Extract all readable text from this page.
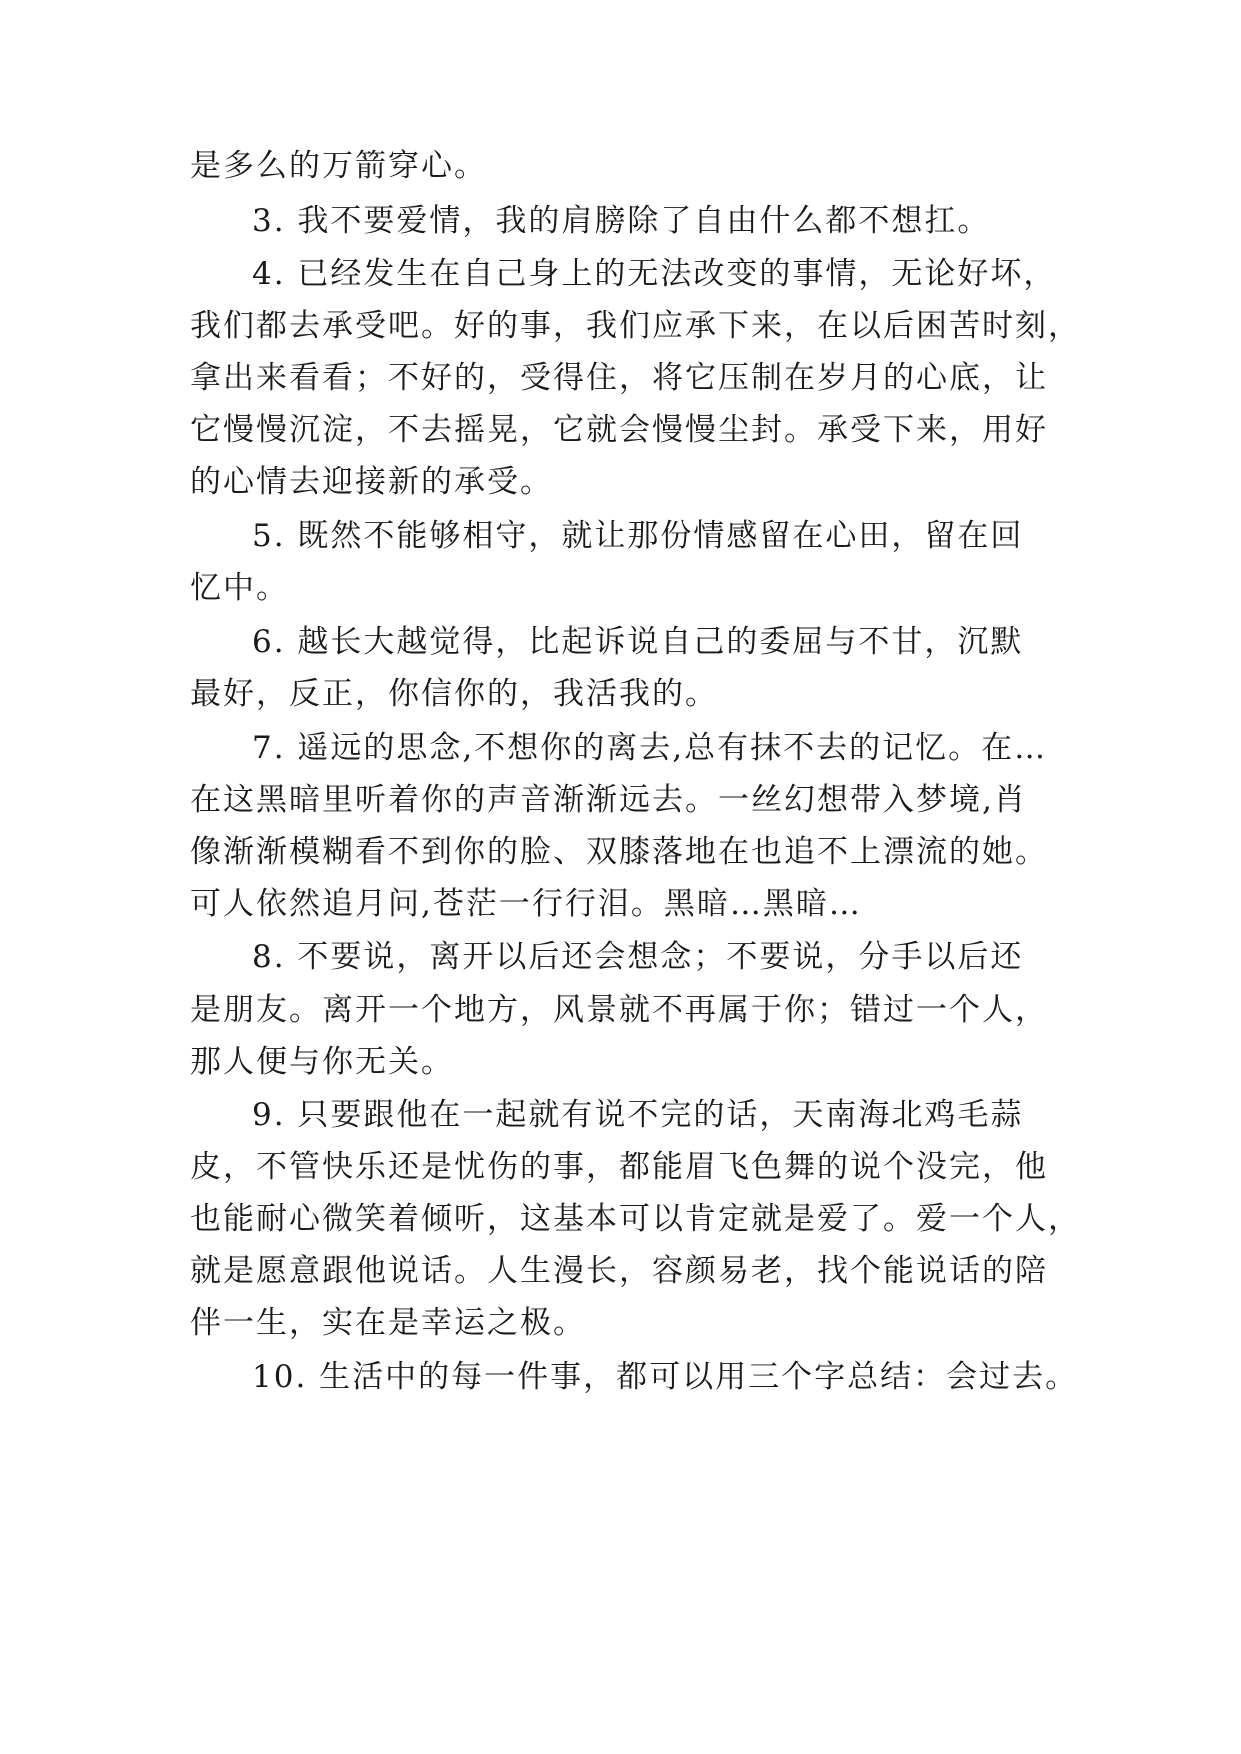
是多么的万箭穿心。
3. 我不要爱情，我的肩膀除了自由什么都不想扛。
4. 已经发生在自己身上的无法改变的事情，无论好坏，
我们都去承受吧。好的事，我们应承下来，在以后困苦时刻，
拿出来看看；不好的，受得住，将它压制在岁月的心底，让
它慢慢沉淀，不去摇晃，它就会慢慢尘封。承受下来，用好
的心情去迎接新的承受。
5. 既然不能够相守，就让那份情感留在心田，留在回
忆中。
6. 越长大越觉得，比起诉说自己的委屈与不甘，沉默
最好，反正，你信你的，我活我的。
7. 遥远的思念,不想你的离去,总有抹不去的记忆。在…
在这黑暗里听着你的声音渐渐远去。一丝幻想带入梦境,肖
像渐渐模糊看不到你的脸、双膝落地在也追不上漂流的她。
可人依然追月问,苍茫一行行泪。黑暗…黑暗…
8. 不要说，离开以后还会想念；不要说，分手以后还
是朋友。离开一个地方，风景就不再属于你；错过一个人，
那人便与你无关。
9. 只要跟他在一起就有说不完的话，天南海北鸡毛蒜
皮，不管快乐还是忧伤的事，都能眉飞色舞的说个没完，他
也能耐心微笑着倾听，这基本可以肯定就是爱了。爱一个人，
就是愿意跟他说话。人生漫长，容颜易老，找个能说话的陪
伴一生，实在是幸运之极。
10. 生活中的每一件事，都可以用三个字总结：会过去。
